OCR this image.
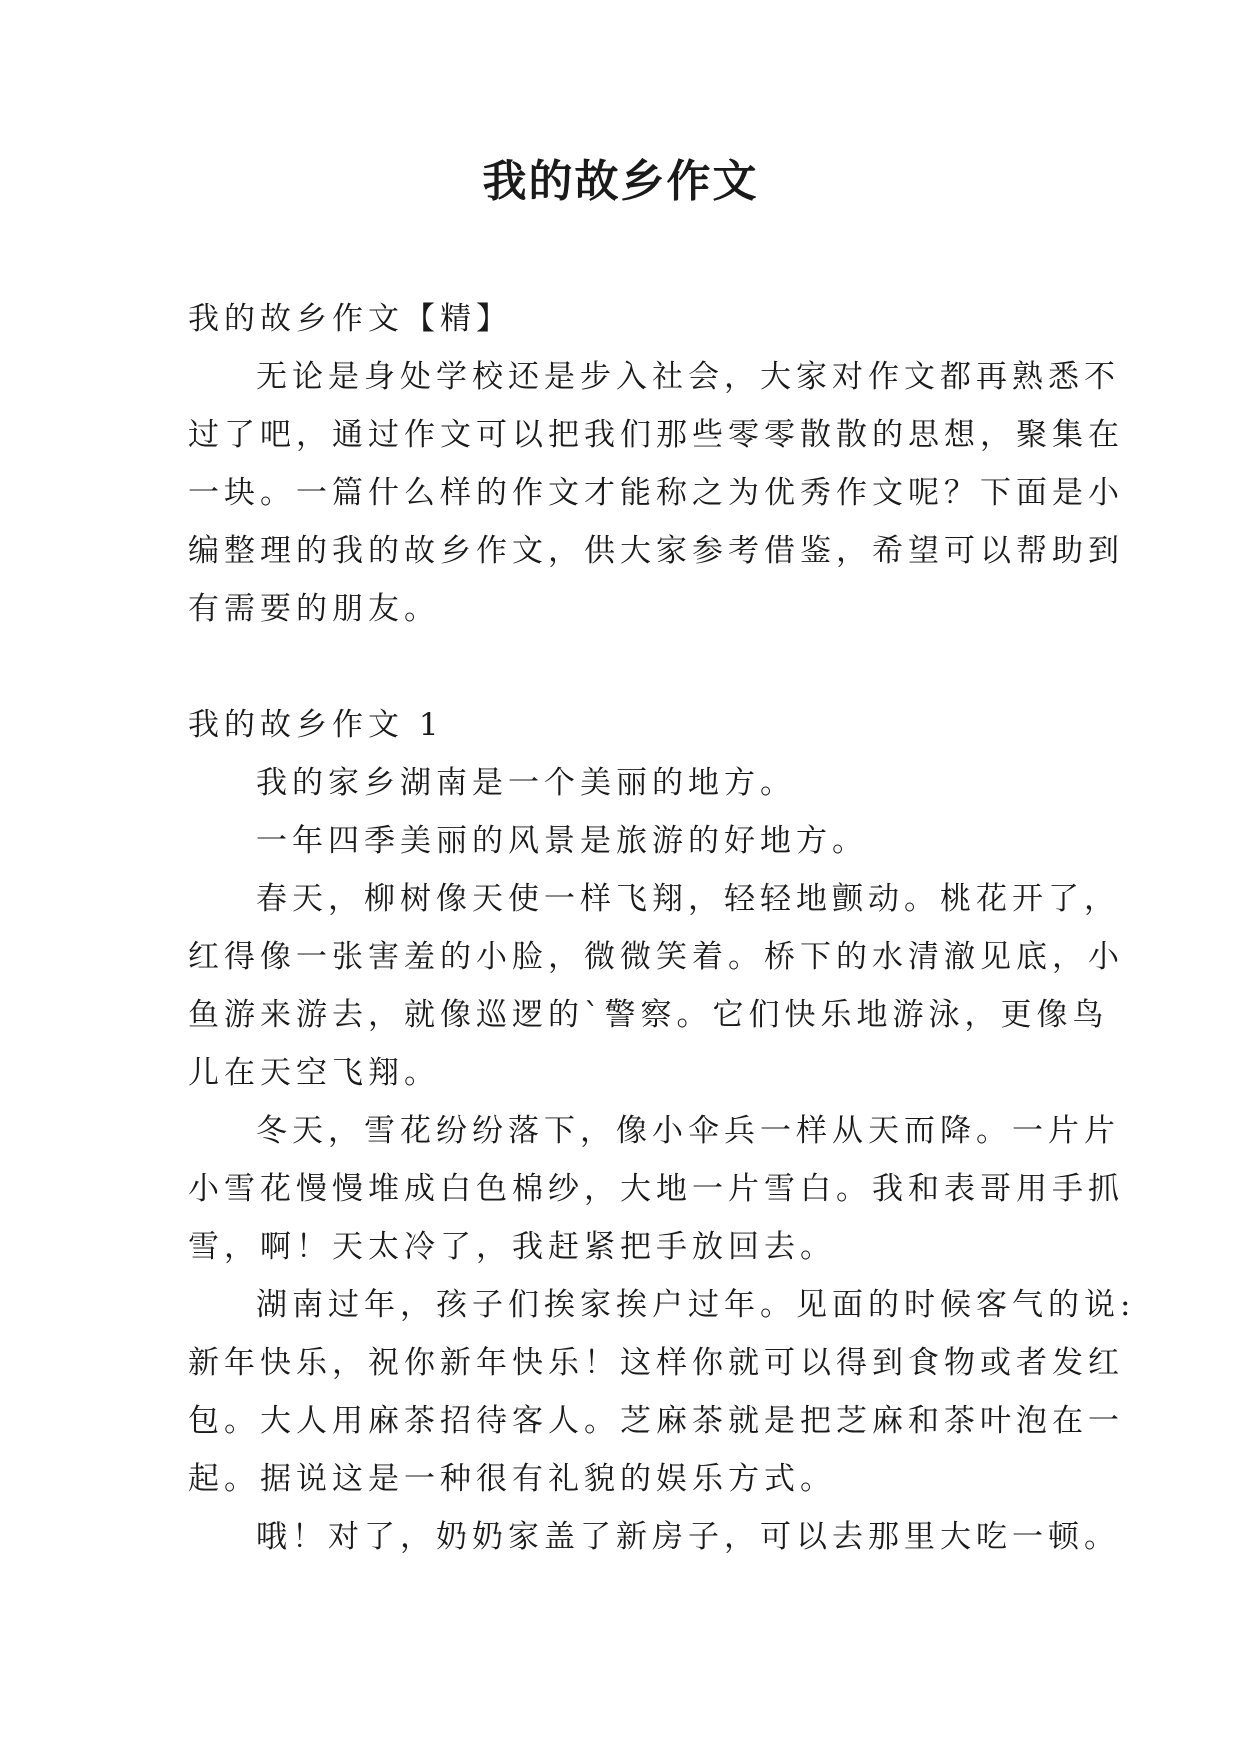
我的故乡作文

我的故乡作文【精】

无论是身处学校还是步入社会，大家对作文都再熟悉不

过了吧，通过作文可以把我们那些零零散散的思想，聚集在

一块。一篇什么样的作文才能称之为优秀作文呢？下面是小

编整理的我的故乡作文，供大家参考借鉴，希望可以帮助到

有需要的朋友。

我的故乡作文 1

我的家乡湖南是一个美丽的地方。

一年四季美丽的风景是旅游的好地方。

春天，柳树像天使一样飞翔，轻轻地颤动。桃花开了，

红得像一张害羞的小脸，微微笑着。桥下的水清澈见底，小

鱼游来游去，就像巡逻的`警察。它们快乐地游泳，更像鸟

儿在天空飞翔。

冬天，雪花纷纷落下，像小伞兵一样从天而降。一片片

小雪花慢慢堆成白色棉纱，大地一片雪白。我和表哥用手抓

雪，啊！天太冷了，我赶紧把手放回去。

湖南过年，孩子们挨家挨户过年。见面的时候客气的说:

新年快乐，祝你新年快乐！这样你就可以得到食物或者发红

包。大人用麻茶招待客人。芝麻茶就是把芝麻和茶叶泡在一

起。据说这是一种很有礼貌的娱乐方式。

哦！对了，奶奶家盖了新房子，可以去那里大吃一顿。
